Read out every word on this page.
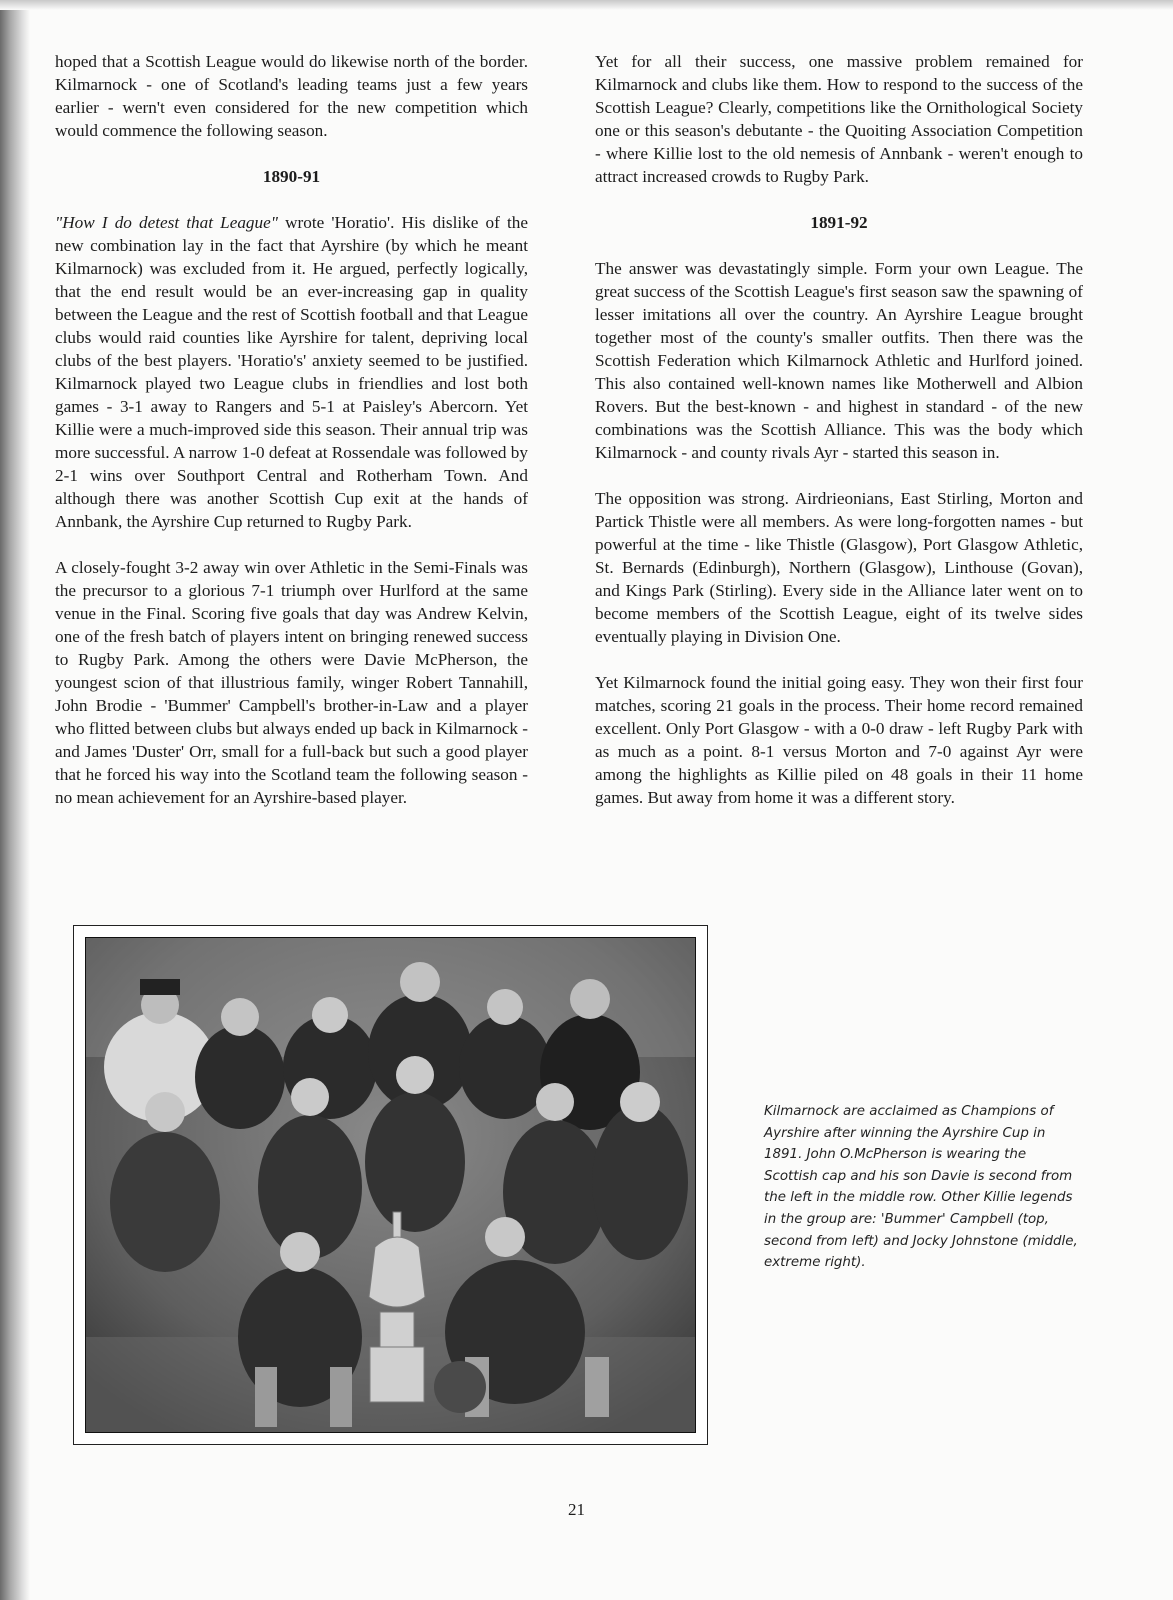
hoped that a Scottish League would do likewise north of the border. Kilmarnock - one of Scotland's leading teams just a few years earlier - wern't even considered for the new competition which would commence the following season.

1890-91

"How I do detest that League" wrote 'Horatio'. His dislike of the new combination lay in the fact that Ayrshire (by which he meant Kilmarnock) was excluded from it. He argued, perfectly logically, that the end result would be an ever-increasing gap in quality between the League and the rest of Scottish football and that League clubs would raid counties like Ayrshire for talent, depriving local clubs of the best players. 'Horatio's' anxiety seemed to be justified. Kilmarnock played two League clubs in friendlies and lost both games - 3-1 away to Rangers and 5-1 at Paisley's Abercorn. Yet Killie were a much-improved side this season. Their annual trip was more successful. A narrow 1-0 defeat at Rossendale was followed by 2-1 wins over Southport Central and Rotherham Town. And although there was another Scottish Cup exit at the hands of Annbank, the Ayrshire Cup returned to Rugby Park.

A closely-fought 3-2 away win over Athletic in the Semi-Finals was the precursor to a glorious 7-1 triumph over Hurlford at the same venue in the Final. Scoring five goals that day was Andrew Kelvin, one of the fresh batch of players intent on bringing renewed success to Rugby Park. Among the others were Davie McPherson, the youngest scion of that illustrious family, winger Robert Tannahill, John Brodie - 'Bummer' Campbell's brother-in-Law and a player who flitted between clubs but always ended up back in Kilmarnock - and James 'Duster' Orr, small for a full-back but such a good player that he forced his way into the Scotland team the following season - no mean achievement for an Ayrshire-based player.

Yet for all their success, one massive problem remained for Kilmarnock and clubs like them. How to respond to the success of the Scottish League? Clearly, competitions like the Ornithological Society one or this season's debutante - the Quoiting Association Competition - where Killie lost to the old nemesis of Annbank - weren't enough to attract increased crowds to Rugby Park.

1891-92

The answer was devastatingly simple. Form your own League. The great success of the Scottish League's first season saw the spawning of lesser imitations all over the country. An Ayrshire League brought together most of the county's smaller outfits. Then there was the Scottish Federation which Kilmarnock Athletic and Hurlford joined. This also contained well-known names like Motherwell and Albion Rovers. But the best-known - and highest in standard - of the new combinations was the Scottish Alliance. This was the body which Kilmarnock - and county rivals Ayr - started this season in.

The opposition was strong. Airdrieonians, East Stirling, Morton and Partick Thistle were all members. As were long-forgotten names - but powerful at the time - like Thistle (Glasgow), Port Glasgow Athletic, St. Bernards (Edinburgh), Northern (Glasgow), Linthouse (Govan), and Kings Park (Stirling). Every side in the Alliance later went on to become members of the Scottish League, eight of its twelve sides eventually playing in Division One.

Yet Kilmarnock found the initial going easy. They won their first four matches, scoring 21 goals in the process. Their home record remained excellent. Only Port Glasgow - with a 0-0 draw - left Rugby Park with as much as a point. 8-1 versus Morton and 7-0 against Ayr were among the highlights as Killie piled on 48 goals in their 11 home games. But away from home it was a different story.

Kilmarnock are acclaimed as Champions of Ayrshire after winning the Ayrshire Cup in 1891. John O.McPherson is wearing the Scottish cap and his son Davie is second from the left in the middle row. Other Killie legends in the group are: 'Bummer' Campbell (top, second from left) and Jocky Johnstone (middle, extreme right).
21
